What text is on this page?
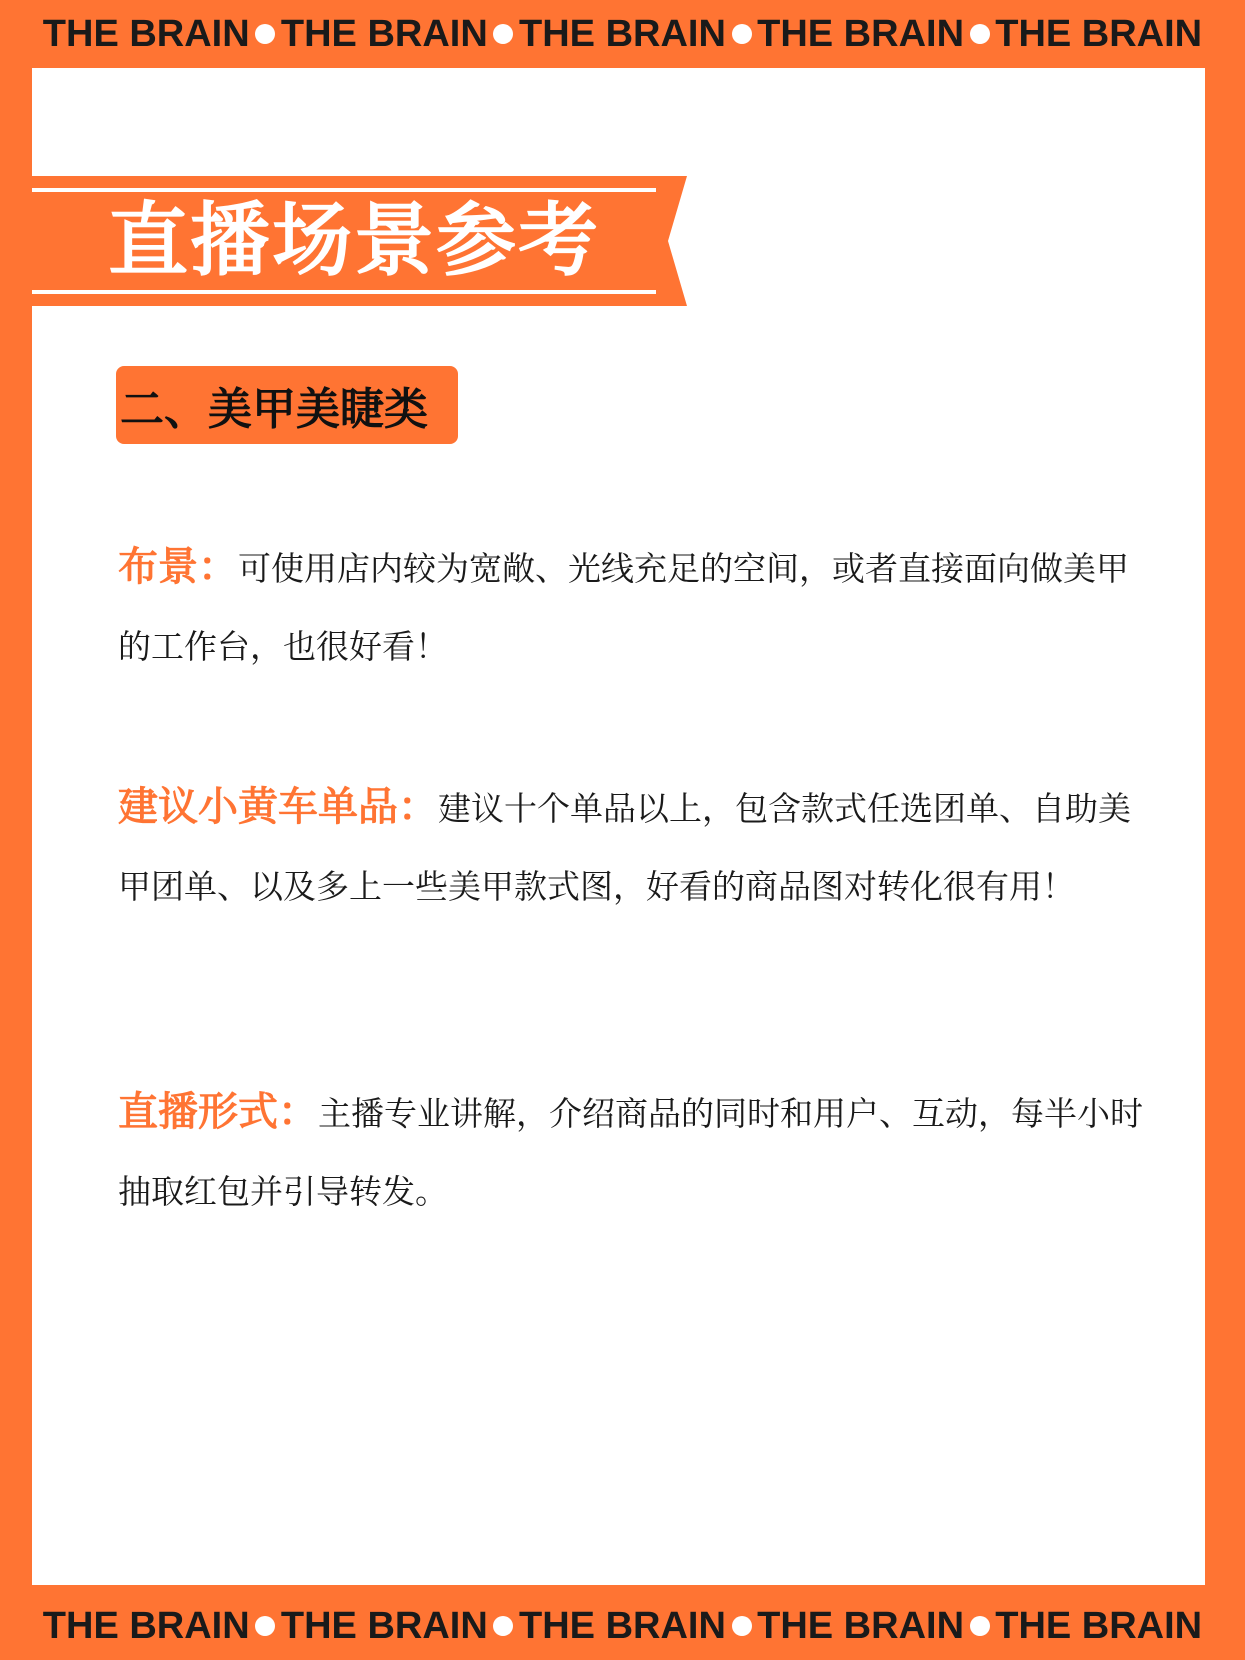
THE BRAIN THE BRAIN THE BRAIN THE BRAIN THE BRAIN
直播场景参考
二、美甲美睫类
布景：可使用店内较为宽敞、光线充足的空间，或者直接面向做美甲的工作台，也很好看！
建议小黄车单品：建议十个单品以上，包含款式任选团单、自助美甲团单、以及多上一些美甲款式图，好看的商品图对转化很有用！
直播形式：主播专业讲解，介绍商品的同时和用户、互动，每半小时抽取红包并引导转发。
THE BRAIN THE BRAIN THE BRAIN THE BRAIN THE BRAIN
